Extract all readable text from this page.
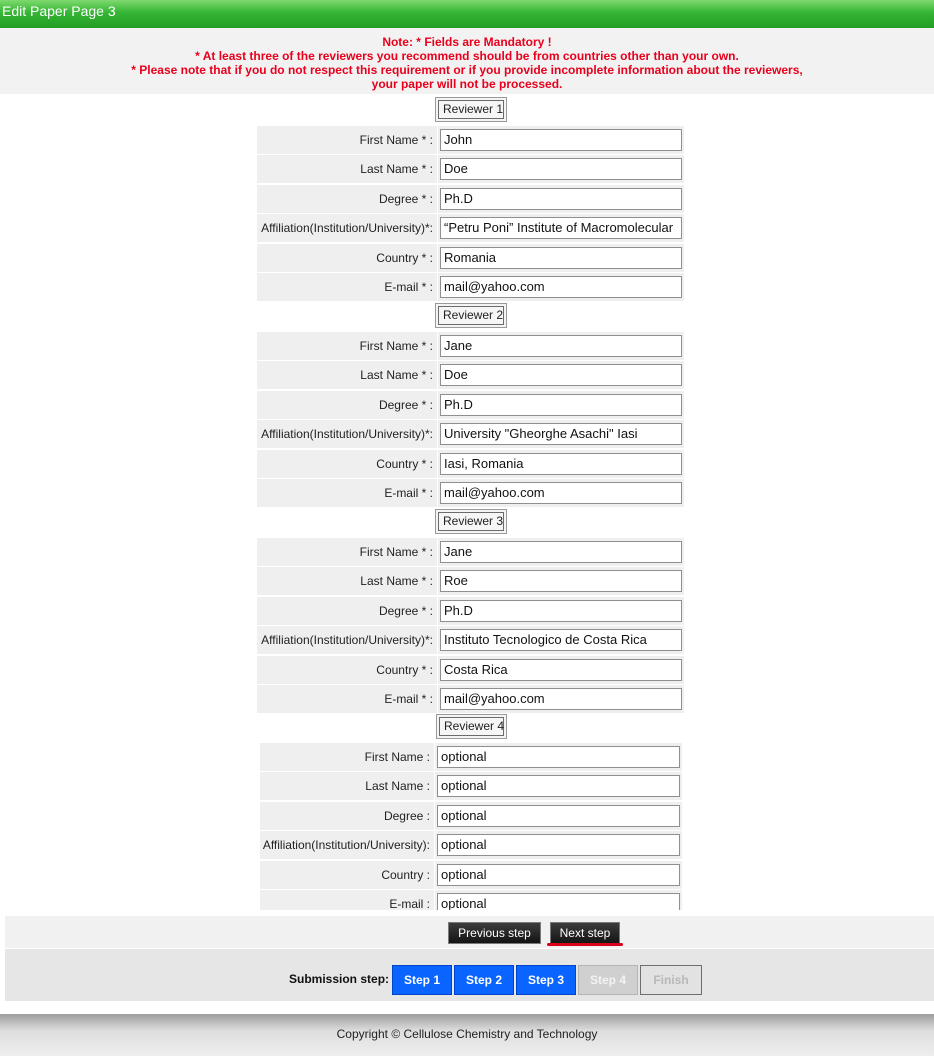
Edit Paper Page 3
Note: * Fields are Mandatory !
* At least three of the reviewers you recommend should be from countries other than your own.
* Please note that if you do not respect this requirement or if you provide incomplete information about the reviewers,
your paper will not be processed.
Reviewer 1
First Name * : John
Last Name * : Doe
Degree * : Ph.D
Affiliation(Institution/University)*: “Petru Poni” Institute of Macromolecular
Country * : Romania
E-mail * : mail@yahoo.com
Reviewer 2
First Name * : Jane
Last Name * : Doe
Degree * : Ph.D
Affiliation(Institution/University)*: University "Gheorghe Asachi" Iasi
Country * : Iasi, Romania
E-mail * : mail@yahoo.com
Reviewer 3
First Name * : Jane
Last Name * : Roe
Degree * : Ph.D
Affiliation(Institution/University)*: Instituto Tecnologico de Costa Rica
Country * : Costa Rica
E-mail * : mail@yahoo.com
Reviewer 4
First Name : optional
Last Name : optional
Degree : optional
Affiliation(Institution/University): optional
Country : optional
E-mail : optional
Previous step	Next step
Submission step:	Step 1	Step 2	Step 3	Step 4	Finish
Copyright © Cellulose Chemistry and Technology
